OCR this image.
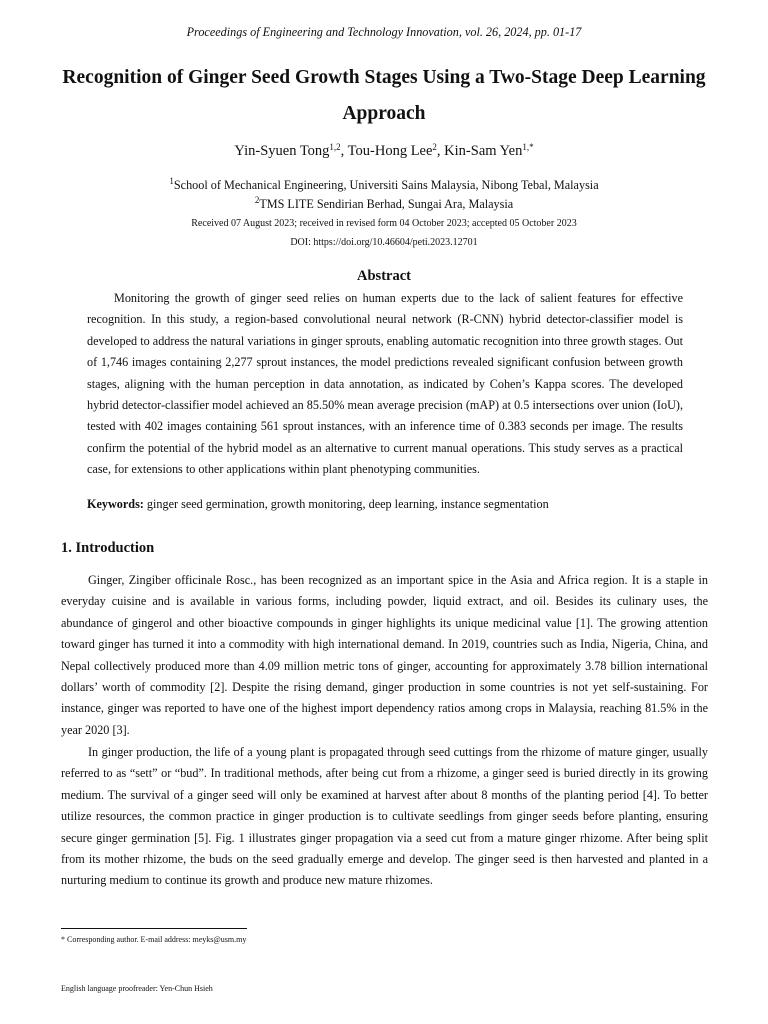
Proceedings of Engineering and Technology Innovation, vol. 26, 2024, pp. 01-17
Recognition of Ginger Seed Growth Stages Using a Two-Stage Deep Learning Approach
Yin-Syuen Tong$^{1,2}$, Tou-Hong Lee$^2$, Kin-Sam Yen$^{1,*}$
$^1$School of Mechanical Engineering, Universiti Sains Malaysia, Nibong Tebal, Malaysia
$^2$TMS LITE Sendirian Berhad, Sungai Ara, Malaysia
Received 07 August 2023; received in revised form 04 October 2023; accepted 05 October 2023
DOI: https://doi.org/10.46604/peti.2023.12701
Abstract

Monitoring the growth of ginger seed relies on human experts due to the lack of salient features for effective recognition. In this study, a region-based convolutional neural network (R-CNN) hybrid detector-classifier model is developed to address the natural variations in ginger sprouts, enabling automatic recognition into three growth stages. Out of 1,746 images containing 2,277 sprout instances, the model predictions revealed significant confusion between growth stages, aligning with the human perception in data annotation, as indicated by Cohen’s Kappa scores. The developed hybrid detector-classifier model achieved an 85.50% mean average precision (mAP) at 0.5 intersections over union (IoU), tested with 402 images containing 561 sprout instances, with an inference time of 0.383 seconds per image. The results confirm the potential of the hybrid model as an alternative to current manual operations. This study serves as a practical case, for extensions to other applications within plant phenotyping communities.

Keywords: ginger seed germination, growth monitoring, deep learning, instance segmentation
1. Introduction

Ginger, Zingiber officinale Rosc., has been recognized as an important spice in the Asia and Africa region. It is a staple in everyday cuisine and is available in various forms, including powder, liquid extract, and oil. Besides its culinary uses, the abundance of gingerol and other bioactive compounds in ginger highlights its unique medicinal value [1]. The growing attention toward ginger has turned it into a commodity with high international demand. In 2019, countries such as India, Nigeria, China, and Nepal collectively produced more than 4.09 million metric tons of ginger, accounting for approximately 3.78 billion international dollars’ worth of commodity [2]. Despite the rising demand, ginger production in some countries is not yet self-sustaining. For instance, ginger was reported to have one of the highest import dependency ratios among crops in Malaysia, reaching 81.5% in the year 2020 [3].

In ginger production, the life of a young plant is propagated through seed cuttings from the rhizome of mature ginger, usually referred to as “sett” or “bud”. In traditional methods, after being cut from a rhizome, a ginger seed is buried directly in its growing medium. The survival of a ginger seed will only be examined at harvest after about 8 months of the planting period [4]. To better utilize resources, the common practice in ginger production is to cultivate seedlings from ginger seeds before planting, ensuring secure ginger germination [5]. Fig. 1 illustrates ginger propagation via a seed cut from a mature ginger rhizome. After being split from its mother rhizome, the buds on the seed gradually emerge and develop. The ginger seed is then harvested and planted in a nurturing medium to continue its growth and produce new mature rhizomes.

* Corresponding author. E-mail address: meyks@usm.my
English language proofreader: Yen-Chun Hsieh
